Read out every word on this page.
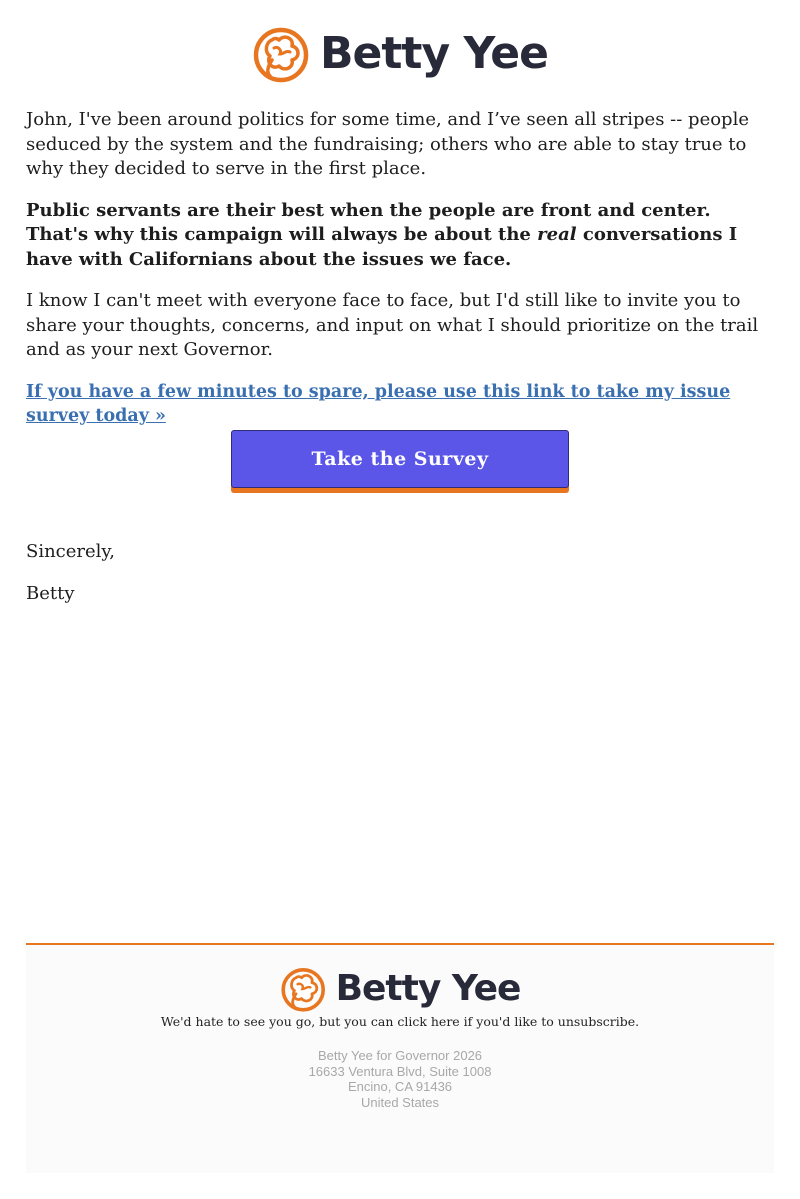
Betty Yee

John, I've been around politics for some time, and I’ve seen all stripes -- people seduced by the system and the fundraising; others who are able to stay true to why they decided to serve in the first place.

Public servants are their best when the people are front and center. That's why this campaign will always be about the real conversations I have with Californians about the issues we face.

I know I can't meet with everyone face to face, but I'd still like to invite you to share your thoughts, concerns, and input on what I should prioritize on the trail and as your next Governor.

If you have a few minutes to spare, please use this link to take my issue survey today »

Take the Survey

Sincerely,

Betty

Betty Yee
We'd hate to see you go, but you can click here if you'd like to unsubscribe.
Betty Yee for Governor 2026
16633 Ventura Blvd, Suite 1008
Encino, CA 91436
United States
